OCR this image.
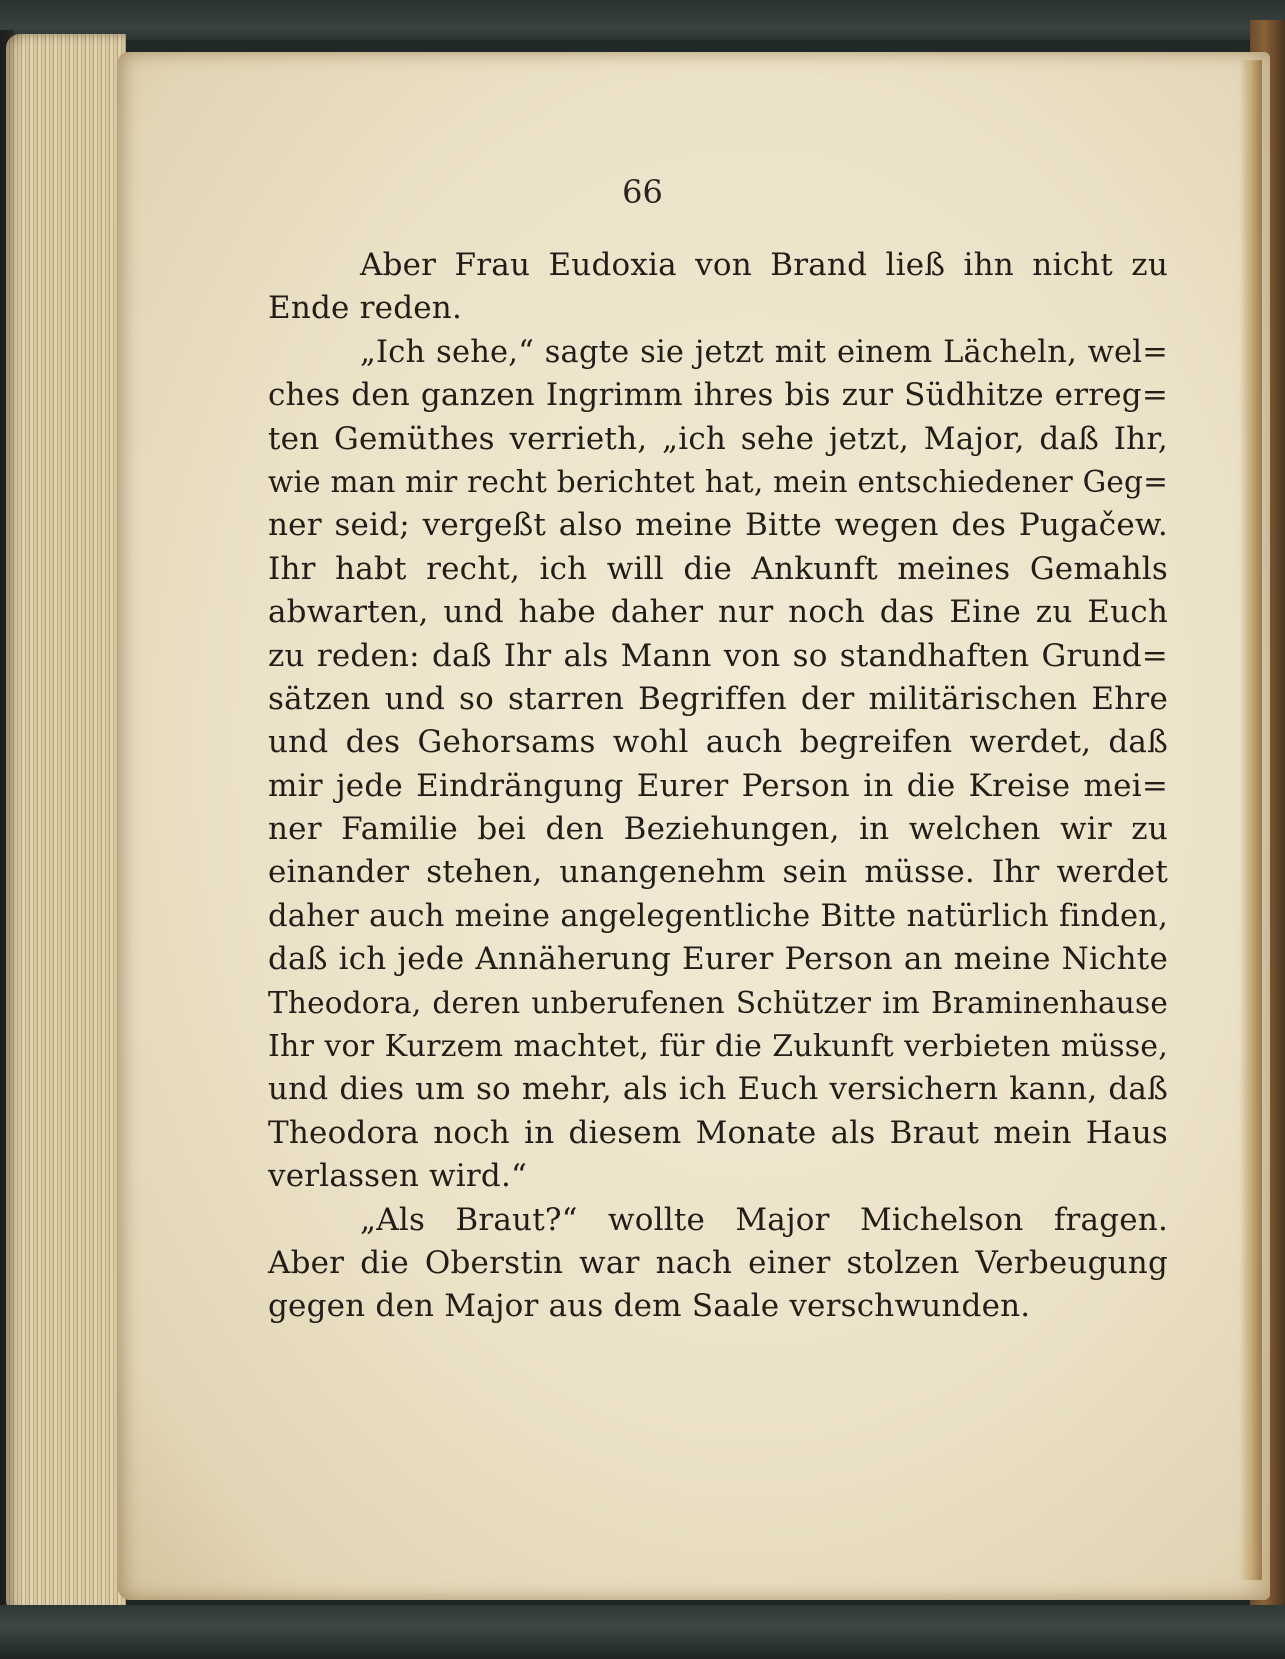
66
Aber Frau Eudoxia von Brand ließ ihn nicht zu
Ende reden.
„Ich sehe,“ sagte sie jetzt mit einem Lächeln, wel=
ches den ganzen Ingrimm ihres bis zur Südhitze erreg=
ten Gemüthes verrieth, „ich sehe jetzt, Major, daß Ihr,
wie man mir recht berichtet hat, mein entschiedener Geg=
ner seid; vergeßt also meine Bitte wegen des Pugačew.
Ihr habt recht, ich will die Ankunft meines Gemahls
abwarten, und habe daher nur noch das Eine zu Euch
zu reden: daß Ihr als Mann von so standhaften Grund=
sätzen und so starren Begriffen der militärischen Ehre
und des Gehorsams wohl auch begreifen werdet, daß
mir jede Eindrängung Eurer Person in die Kreise mei=
ner Familie bei den Beziehungen, in welchen wir zu
einander stehen, unangenehm sein müsse. Ihr werdet
daher auch meine angelegentliche Bitte natürlich finden,
daß ich jede Annäherung Eurer Person an meine Nichte
Theodora, deren unberufenen Schützer im Braminenhause
Ihr vor Kurzem machtet, für die Zukunft verbieten müsse,
und dies um so mehr, als ich Euch versichern kann, daß
Theodora noch in diesem Monate als Braut mein Haus
verlassen wird.“
„Als Braut?“ wollte Major Michelson fragen.
Aber die Oberstin war nach einer stolzen Verbeugung
gegen den Major aus dem Saale verschwunden.
